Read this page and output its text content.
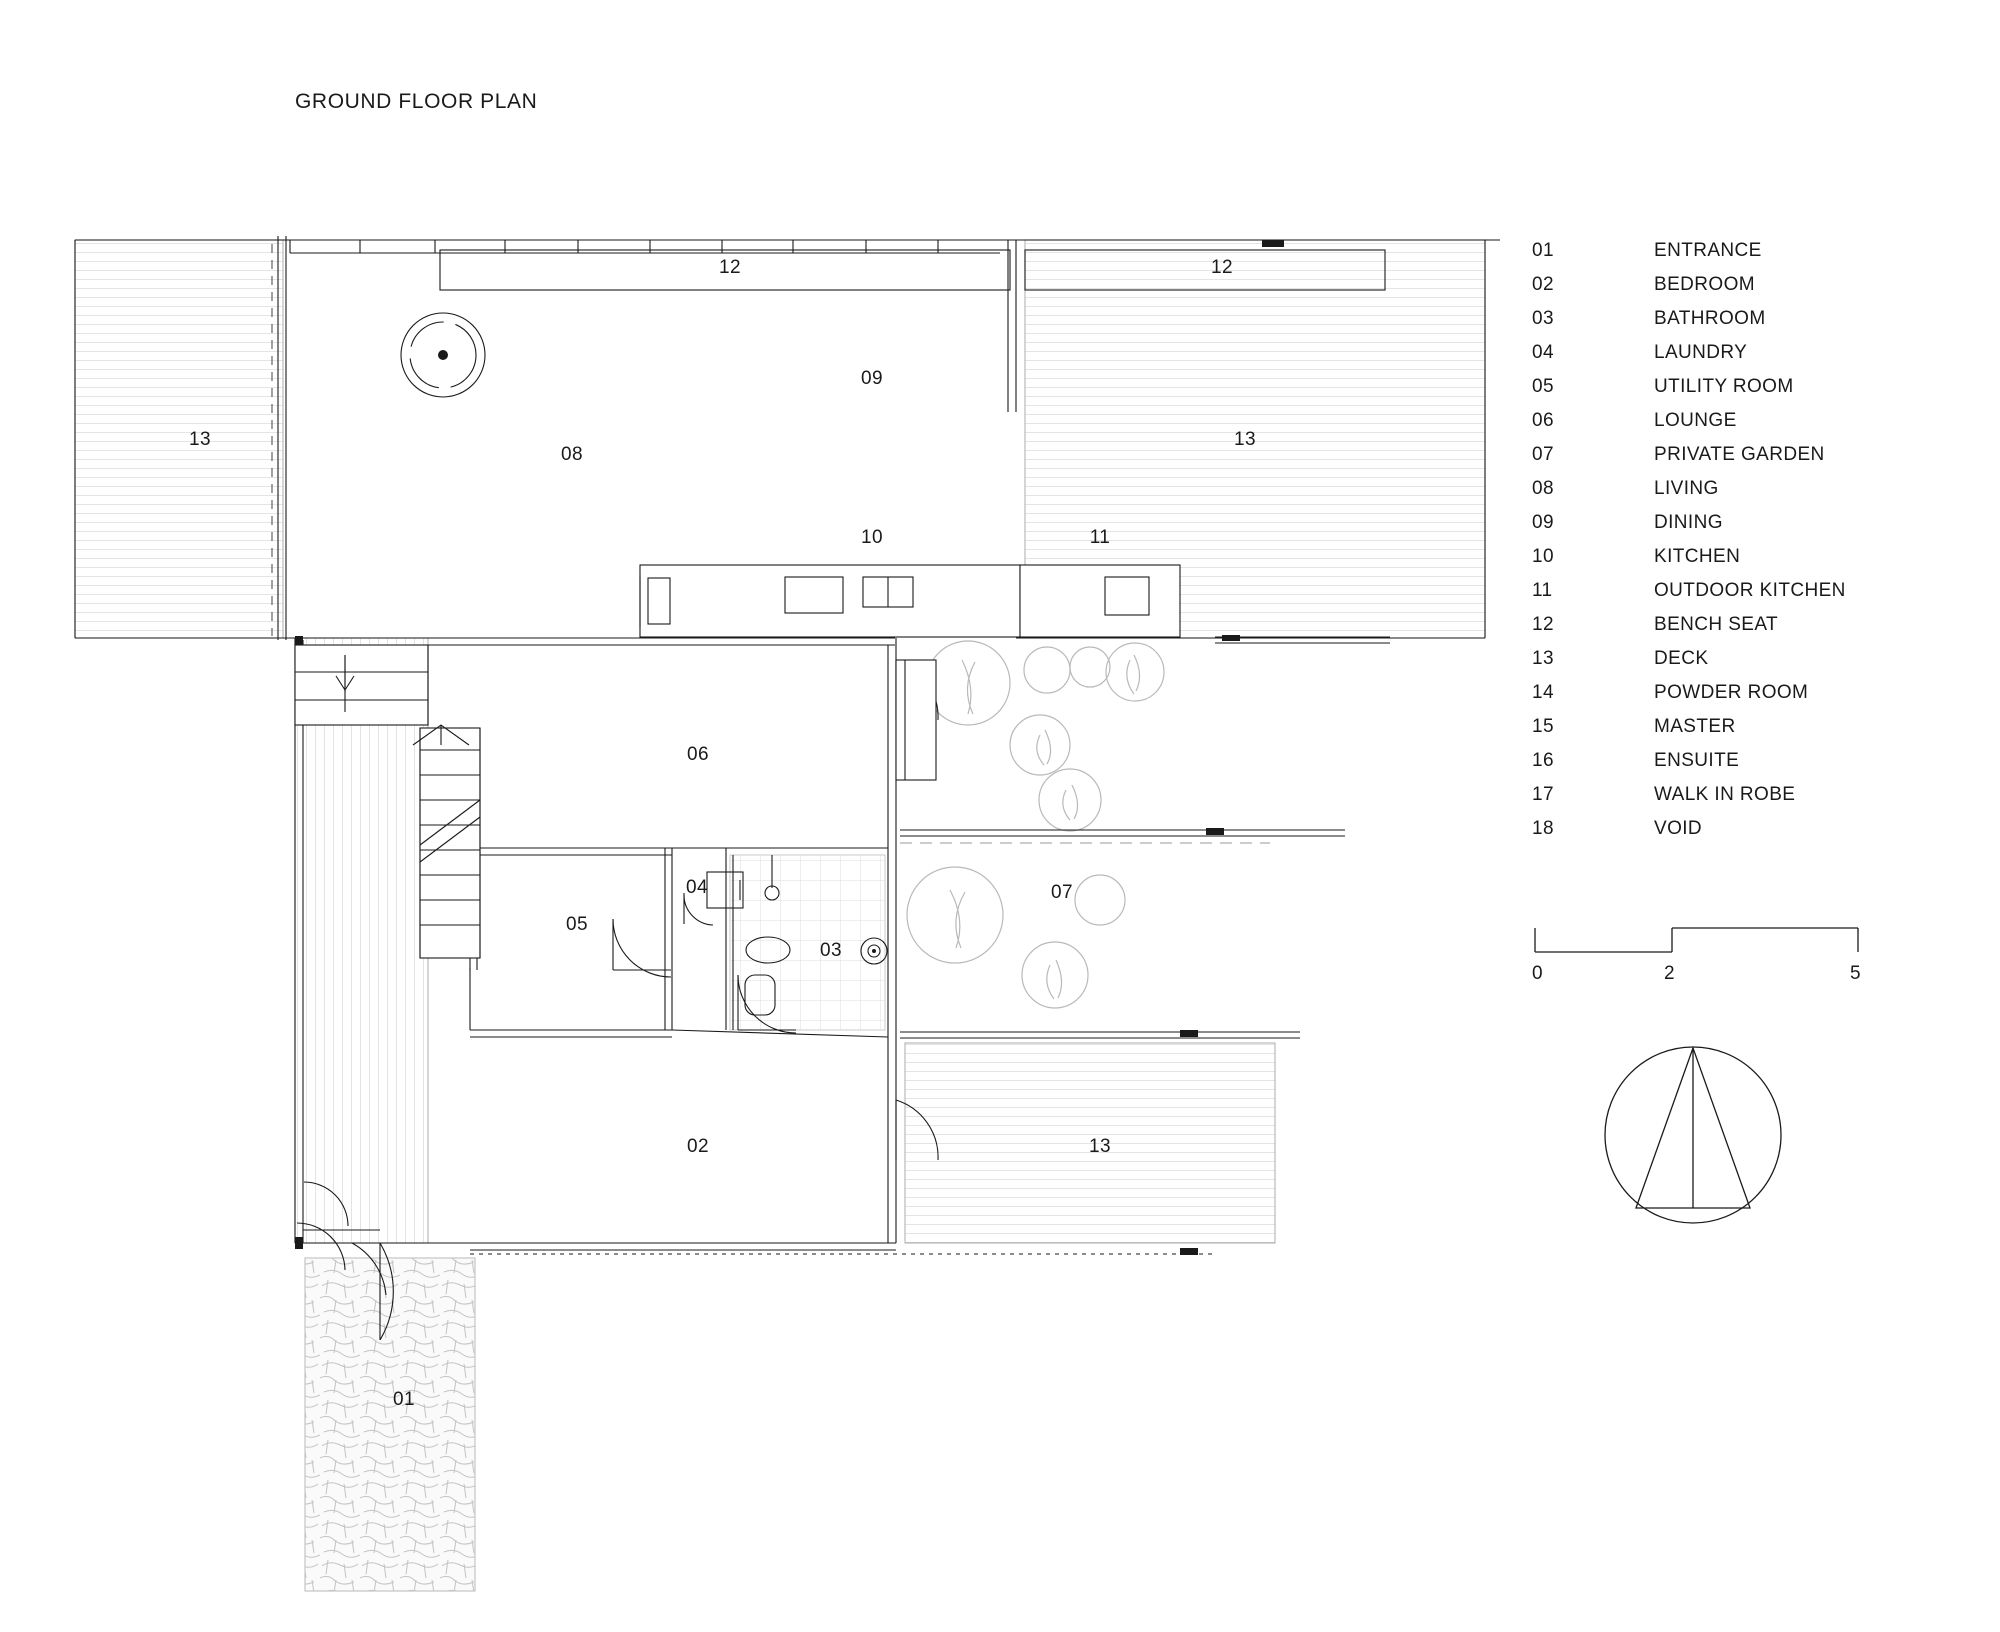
GROUND FLOOR PLAN
12	12
09
13
08
13
10	11
06
04	07
05
03
02	13
01
01	ENTRANCE
02	BEDROOM
03	BATHROOM
04	LAUNDRY
05	UTILITY ROOM
06	LOUNGE
07	PRIVATE GARDEN
08	LIVING
09	DINING
10	KITCHEN
11	OUTDOOR KITCHEN
12	BENCH SEAT
13	DECK
14	POWDER ROOM
15	MASTER
16	ENSUITE
17	WALK IN ROBE
18	VOID
0	2	5
